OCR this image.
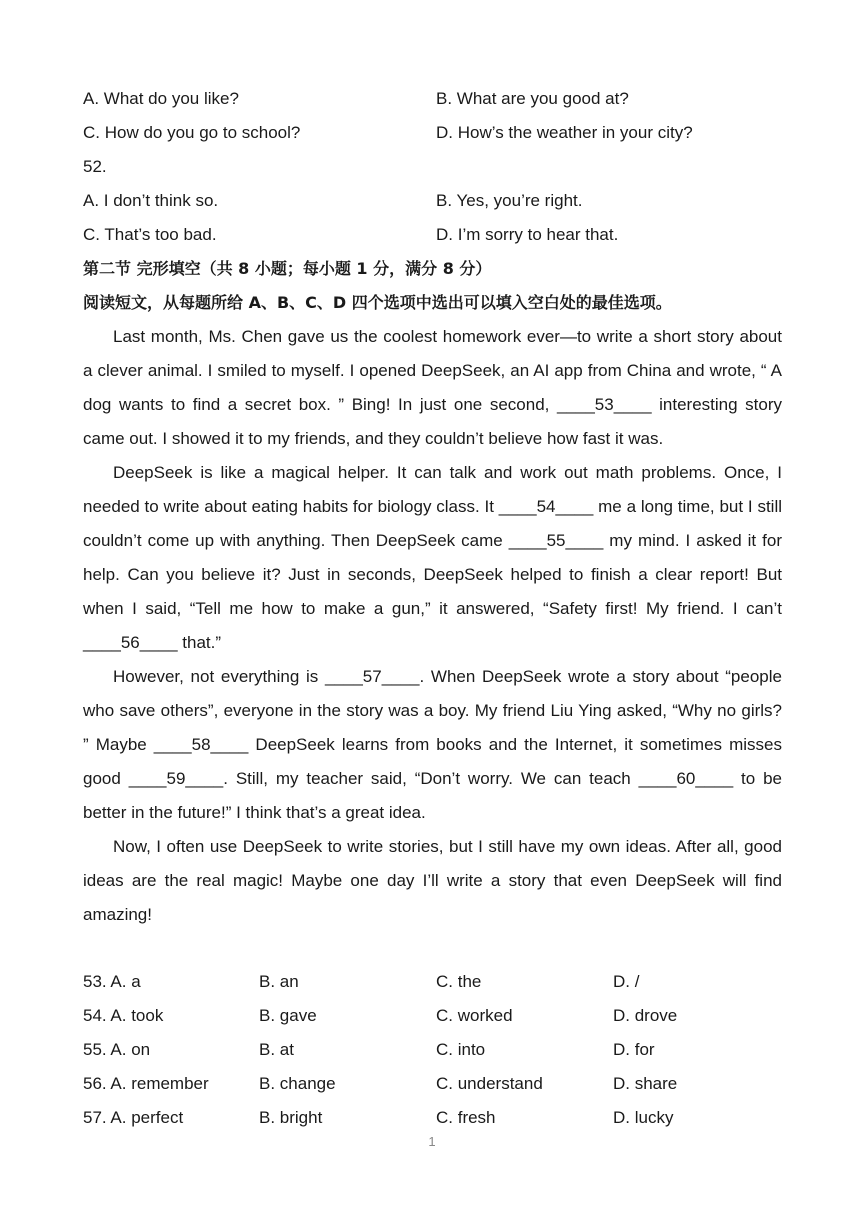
A. What do you like?	B. What are you good at?
C. How do you go to school?	D. How’s the weather in your city?
52.
A. I don’t think so.	B. Yes, you’re right.
C. That’s too bad.	D. I’m sorry to hear that.
第二节 完形填空（共 8 小题；每小题 1 分，满分 8 分）
阅读短文，从每题所给 A、B、C、D 四个选项中选出可以填入空白处的最佳选项。

Last month, Ms. Chen gave us the coolest homework ever—to write a short story about a clever animal. I smiled to myself. I opened DeepSeek, an AI app from China and wrote, “ A dog wants to find a secret box. ” Bing! In just one second, ____53____ interesting story came out. I showed it to my friends, and they couldn’t believe how fast it was.

DeepSeek is like a magical helper. It can talk and work out math problems. Once, I needed to write about eating habits for biology class. It ____54____ me a long time, but I still couldn’t come up with anything. Then DeepSeek came ____55____ my mind. I asked it for help. Can you believe it? Just in seconds, DeepSeek helped to finish a clear report! But when I said, “Tell me how to make a gun,” it answered, “Safety first! My friend. I can’t ____56____ that.”

However, not everything is ____57____. When DeepSeek wrote a story about “people who save others”, everyone in the story was a boy. My friend Liu Ying asked, “Why no girls? ” Maybe ____58____ DeepSeek learns from books and the Internet, it sometimes misses good ____59____. Still, my teacher said, “Don’t worry. We can teach ____60____ to be better in the future!” I think that’s a great idea.

Now, I often use DeepSeek to write stories, but I still have my own ideas. After all, good ideas are the real magic! Maybe one day I’ll write a story that even DeepSeek will find amazing!

53. A. a	B. an	C. the	D. /
54. A. took	B. gave	C. worked	D. drove
55. A. on	B. at	C. into	D. for
56. A. remember	B. change	C. understand	D. share
57. A. perfect	B. bright	C. fresh	D. lucky
1
